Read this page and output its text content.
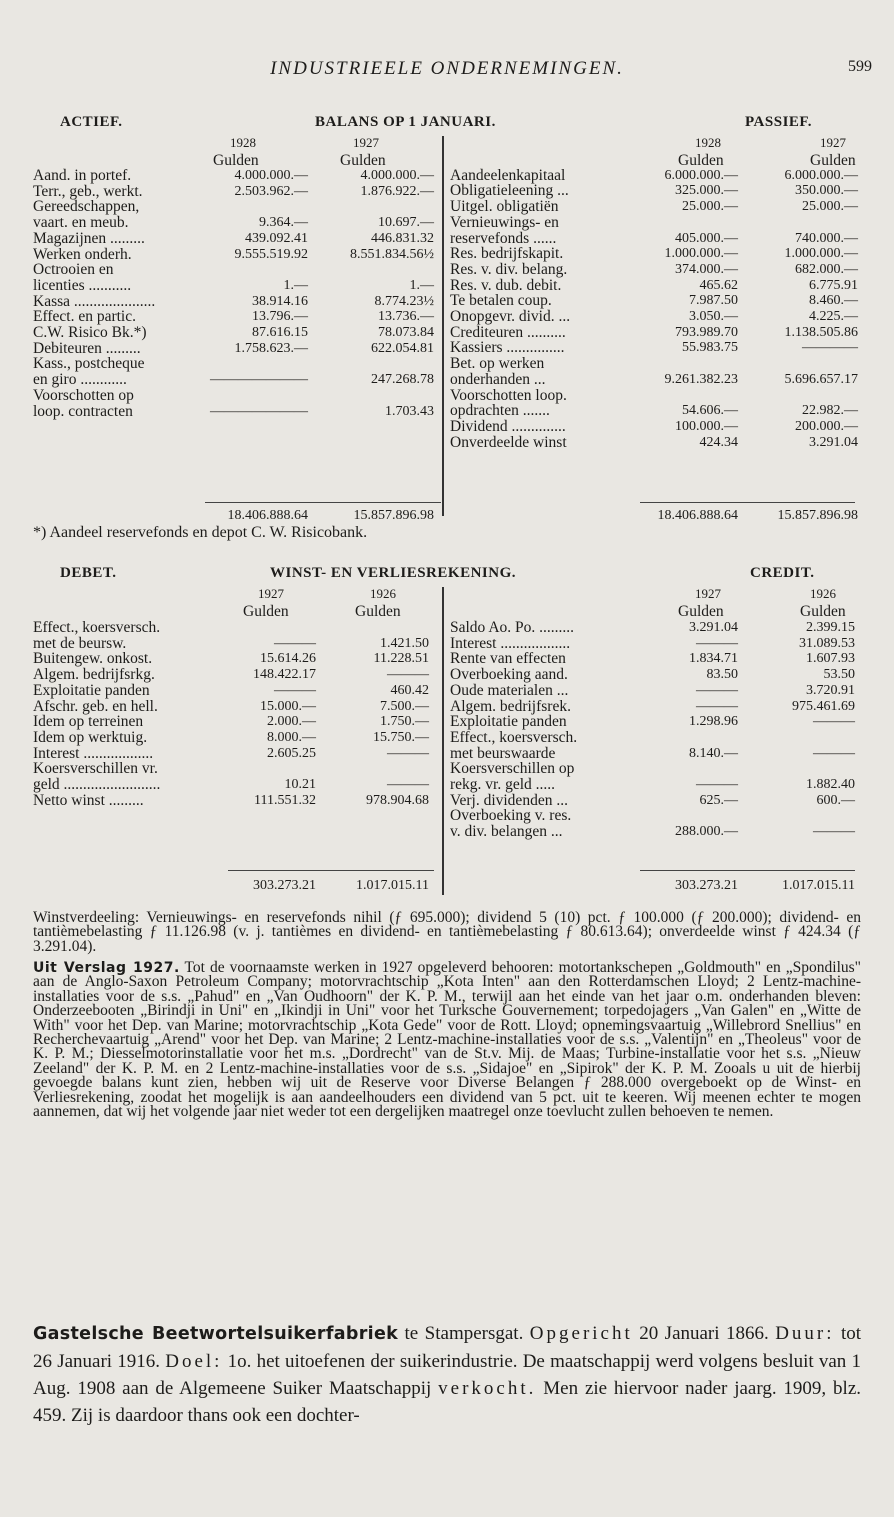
INDUSTRIEELE ONDERNEMINGEN.	599
ACTIEF.	BALANS OP 1 JANUARI.	PASSIEF.
1928	1927	1928	1927
Gulden	Gulden	Gulden	Gulden
Aand. in portef.	4.000.000.—	4.000.000.—
Terr., geb., werkt.	2.503.962.—	1.876.922.—
Gereedschappen,
vaart. en meub.	9.364.—	10.697.—
Magazijnen .........	439.092.41	446.831.32
Werken onderh.	9.555.519.92	8.551.834.56½
Octrooien en
licenties ...........	1.—	1.—
Kassa .....................	38.914.16	8.774.23½
Effect. en partic.	13.796.—	13.736.—
C.W. Risico Bk.*)	87.616.15	78.073.84
Debiteuren .........	1.758.623.—	622.054.81
Kass., postcheque
en giro ............	———————	247.268.78
Voorschotten op
loop. contracten	———————	1.703.43
Aandeelenkapitaal	6.000.000.—	6.000.000.—
Obligatieleening ...	325.000.—	350.000.—
Uitgel. obligatiën	25.000.—	25.000.—
Vernieuwings- en
reservefonds ......	405.000.—	740.000.—
Res. bedrijfskapit.	1.000.000.—	1.000.000.—
Res. v. div. belang.	374.000.—	682.000.—
Res. v. dub. debit.	465.62	6.775.91
Te betalen coup.	7.987.50	8.460.—
Onopgevr. divid. ...	3.050.—	4.225.—
Crediteuren ..........	793.989.70	1.138.505.86
Kassiers ...............	55.983.75	————
Bet. op werken
onderhanden ...	9.261.382.23	5.696.657.17
Voorschotten loop.
opdrachten .......	54.606.—	22.982.—
Dividend ..............	100.000.—	200.000.—
Onverdeelde winst	424.34	3.291.04
18.406.888.64	15.857.896.98	18.406.888.64	15.857.896.98
*) Aandeel reservefonds en depot C. W. Risicobank.
DEBET.	WINST- EN VERLIESREKENING.	CREDIT.
1927	1926	1927	1926
Gulden	Gulden	Gulden	Gulden
Effect., koersversch.
met de beursw.	———	1.421.50
Buitengew. onkost.	15.614.26	11.228.51
Algem. bedrijfsrkg.	148.422.17	———
Exploitatie panden	———	460.42
Afschr. geb. en hell.	15.000.—	7.500.—
Idem op terreinen	2.000.—	1.750.—
Idem op werktuig.	8.000.—	15.750.—
Interest ..................	2.605.25	———
Koersverschillen vr.
geld .........................	10.21	———
Netto winst .........	111.551.32	978.904.68
Saldo Ao. Po. .........	3.291.04	2.399.15
Interest ..................	———	31.089.53
Rente van effecten	1.834.71	1.607.93
Overboeking aand.	83.50	53.50
Oude materialen ...	———	3.720.91
Algem. bedrijfsrek.	———	975.461.69
Exploitatie panden	1.298.96	———
Effect., koersversch.
met beurswaarde	8.140.—	———
Koersverschillen op
rekg. vr. geld .....	———	1.882.40
Verj. dividenden ...	625.—	600.—
Overboeking v. res.
v. div. belangen ...	288.000.—	———
303.273.21	1.017.015.11	303.273.21	1.017.015.11
Winstverdeeling: Vernieuwings- en reservefonds nihil (ƒ 695.000); dividend 5 (10) pct. ƒ 100.000 (ƒ 200.000); dividend- en tantièmebelasting ƒ 11.126.98 (v. j. tantièmes en dividend- en tantièmebelasting ƒ 80.613.64); onverdeelde winst ƒ 424.34 (ƒ 3.291.04).
Uit Verslag 1927. Tot de voornaamste werken in 1927 opgeleverd behooren: motortankschepen „Goldmouth" en „Spondilus" aan de Anglo-Saxon Petroleum Company; motorvrachtschip „Kota Inten" aan den Rotterdamschen Lloyd; 2 Lentz-machine-installaties voor de s.s. „Pahud" en „Van Oudhoorn" der K. P. M., terwijl aan het einde van het jaar o.m. onderhanden bleven: Onderzeebooten „Birindji in Uni" en „Ikindji in Uni" voor het Turksche Gouvernement; torpedojagers „Van Galen" en „Witte de With" voor het Dep. van Marine; motorvrachtschip „Kota Gede" voor de Rott. Lloyd; opnemingsvaartuig „Willebrord Snellius" en Recherchevaartuig „Arend" voor het Dep. van Marine; 2 Lentz-machine-installaties voor de s.s. „Valentijn" en „Theoleus" voor de K. P. M.; Diesselmotorinstallatie voor het m.s. „Dordrecht" van de St.v. Mij. de Maas; Turbine-installatie voor het s.s. „Nieuw Zeeland" der K. P. M. en 2 Lentz-machine-installaties voor de s.s. „Sidajoe" en „Sipirok" der K. P. M. Zooals u uit de hierbij gevoegde balans kunt zien, hebben wij uit de Reserve voor Diverse Belangen ƒ 288.000 overgeboekt op de Winst- en Verliesrekening, zoodat het mogelijk is aan aandeelhouders een dividend van 5 pct. uit te keeren. Wij meenen echter te mogen aannemen, dat wij het volgende jaar niet weder tot een dergelijken maatregel onze toevlucht zullen behoeven te nemen.
Gastelsche Beetwortelsuikerfabriek te Stampersgat. Opgericht 20 Januari 1866. Duur: tot 26 Januari 1916. Doel: 1o. het uitoefenen der suikerindustrie. De maatschappij werd volgens besluit van 1 Aug. 1908 aan de Algemeene Suiker Maatschappij verkocht. Men zie hiervoor nader jaarg. 1909, blz. 459. Zij is daardoor thans ook een dochter-
